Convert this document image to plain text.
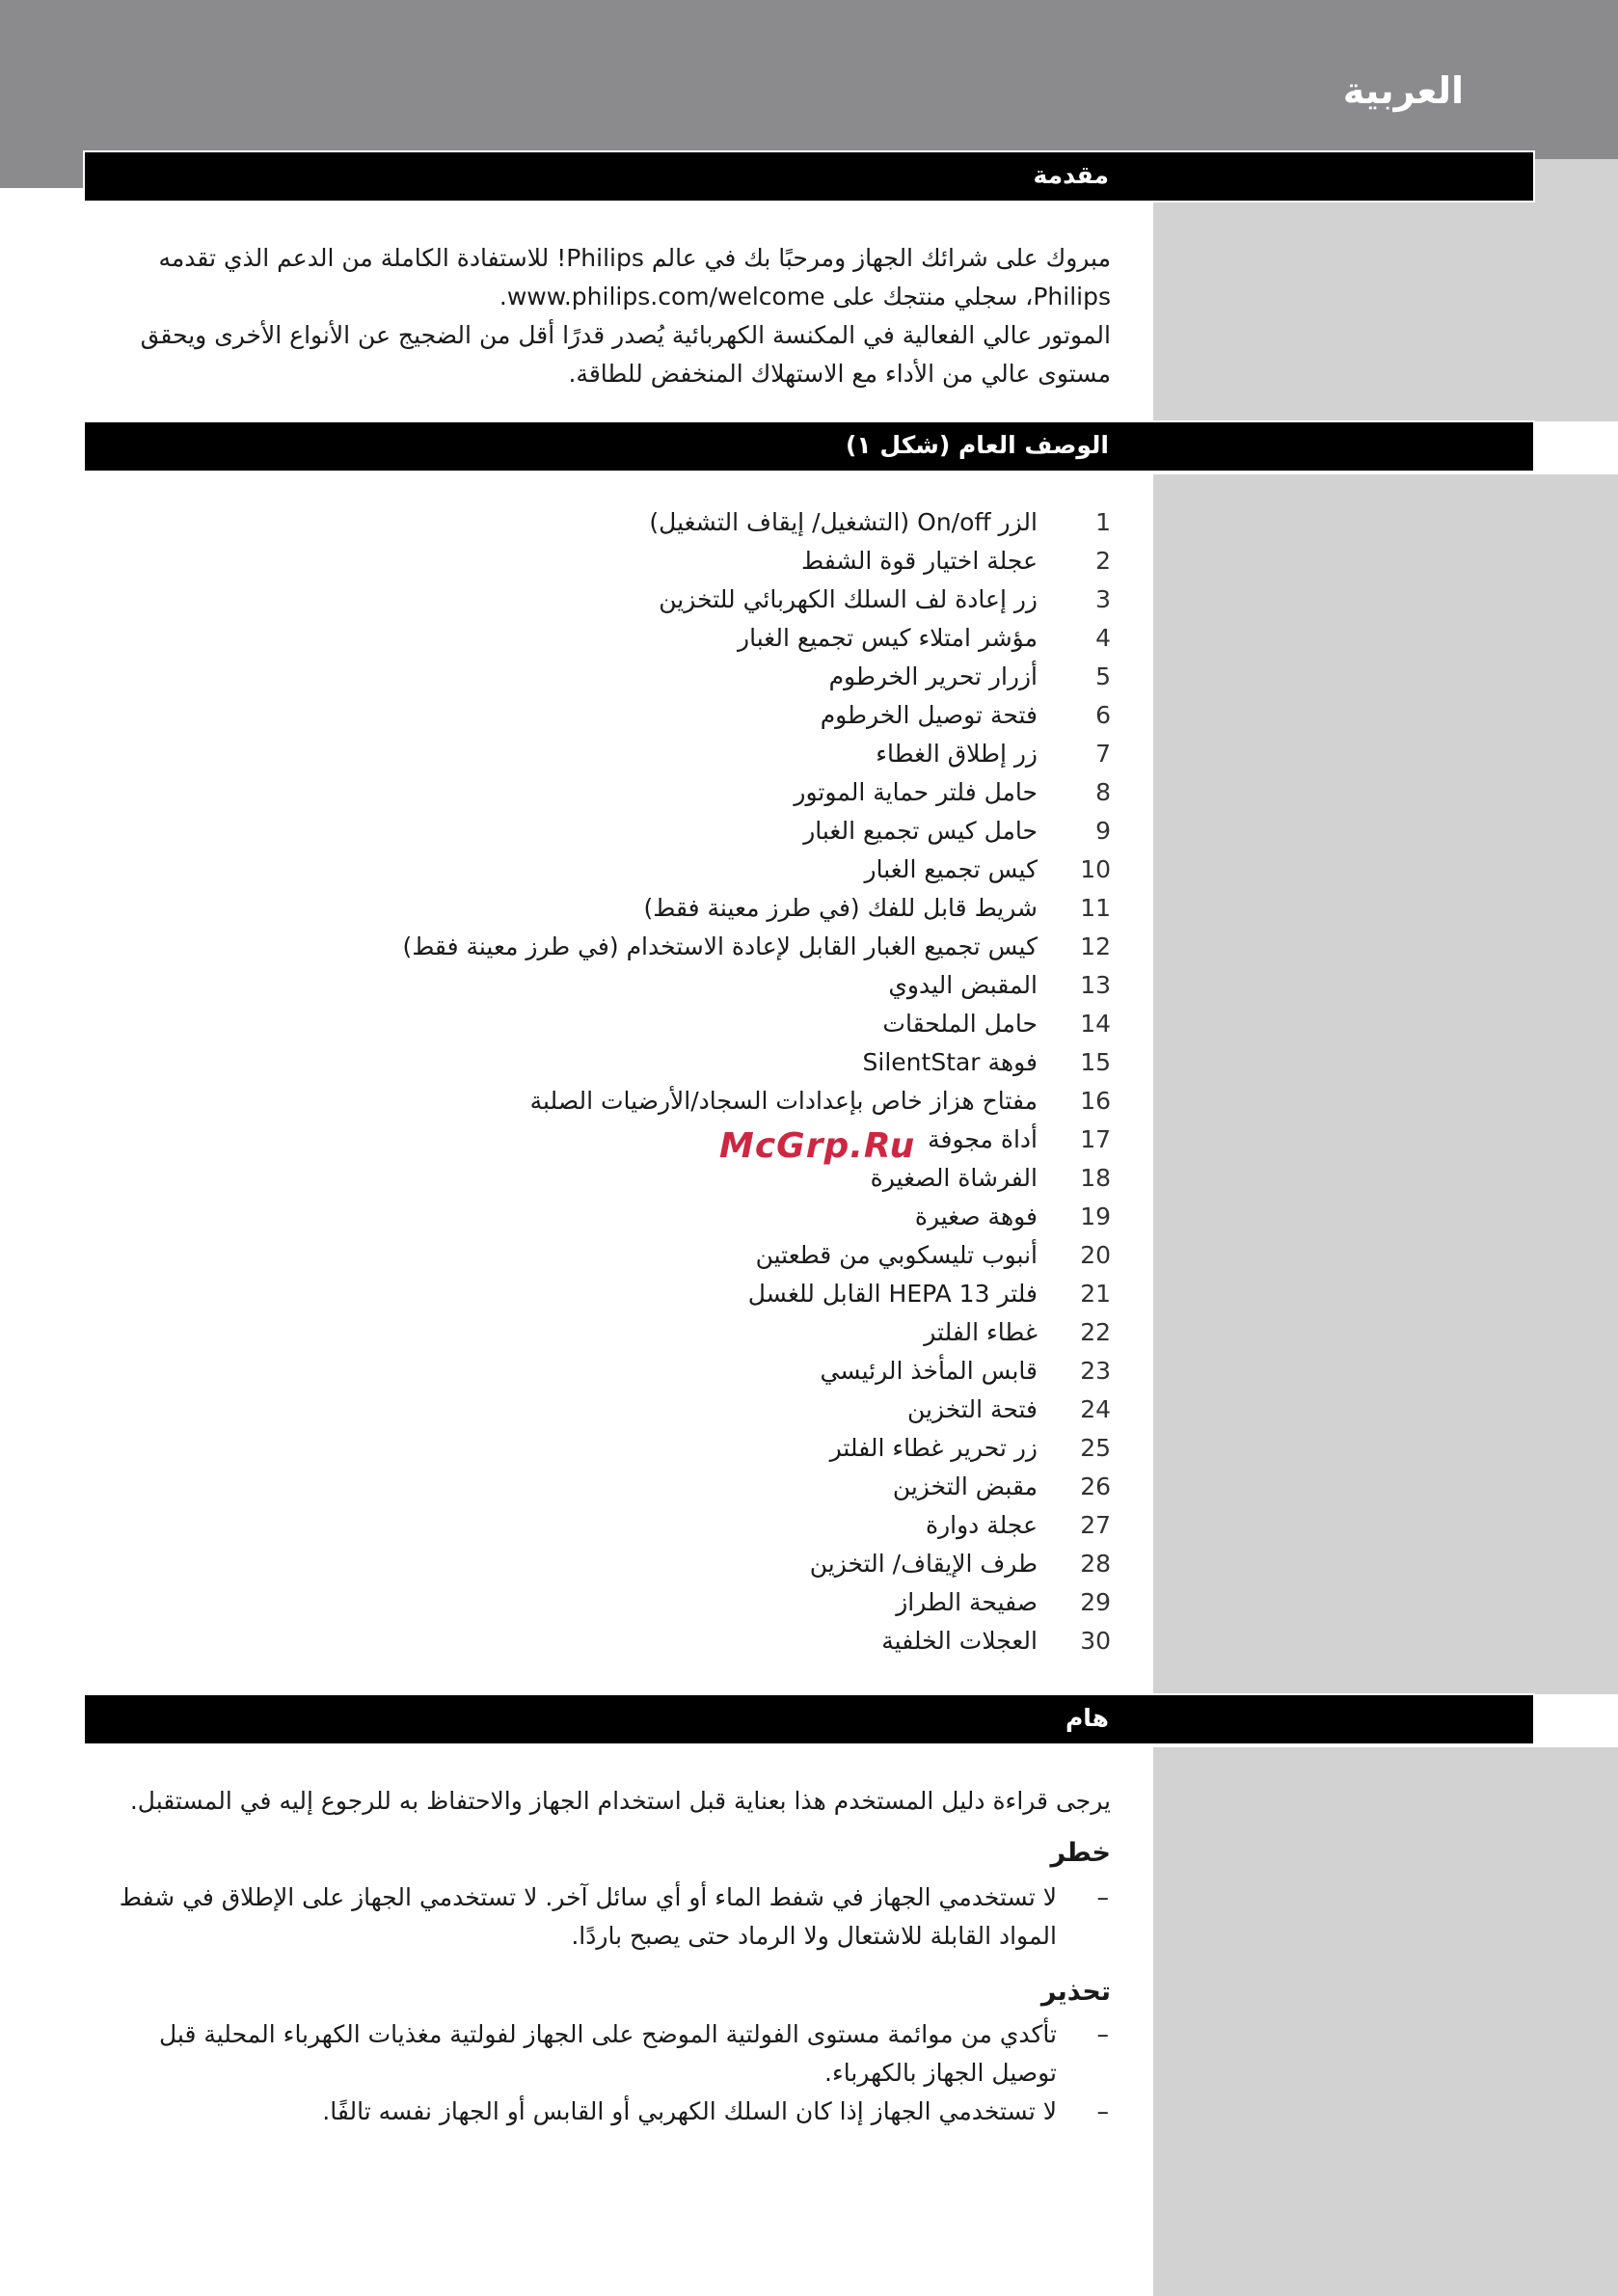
العربية
مقدمة

مبروك على شرائك الجهاز ومرحبًا بك في عالم Philips! للاستفادة الكاملة من الدعم الذي تقدمه Philips، سجلي منتجك على www.philips.com/welcome.

الموتور عالي الفعالية في المكنسة الكهربائية يُصدر قدرًا أقل من الضجيج عن الأنواع الأخرى ويحقق مستوى عالي من الأداء مع الاستهلاك المنخفض للطاقة.

الوصف العام (شكل ١)
1الزر On/off (التشغيل/ إيقاف التشغيل)
2عجلة اختيار قوة الشفط
3زر إعادة لف السلك الكهربائي للتخزين
4مؤشر امتلاء كيس تجميع الغبار
5أزرار تحرير الخرطوم
6فتحة توصيل الخرطوم
7زر إطلاق الغطاء
8حامل فلتر حماية الموتور
9حامل كيس تجميع الغبار
10كيس تجميع الغبار
11شريط قابل للفك (في طرز معينة فقط)
12كيس تجميع الغبار القابل لإعادة الاستخدام (في طرز معينة فقط)
13المقبض اليدوي
14حامل الملحقات
15فوهة SilentStar
16مفتاح هزاز خاص بإعدادات السجاد/الأرضيات الصلبة
17أداة مجوفة
18الفرشاة الصغيرة
19فوهة صغيرة
20أنبوب تليسكوبي من قطعتين
21فلتر HEPA 13 القابل للغسل
22غطاء الفلتر
23قابس المأخذ الرئيسي
24فتحة التخزين
25زر تحرير غطاء الفلتر
26مقبض التخزين
27عجلة دوارة
28طرف الإيقاف/ التخزين
29صفيحة الطراز
30العجلات الخلفية
McGrp.Ru
هام

يرجى قراءة دليل المستخدم هذا بعناية قبل استخدام الجهاز والاحتفاظ به للرجوع إليه في المستقبل.

خطر
–
لا تستخدمي الجهاز في شفط الماء أو أي سائل آخر. لا تستخدمي الجهاز على الإطلاق في شفط المواد القابلة للاشتعال ولا الرماد حتى يصبح باردًا.
تحذير
–
تأكدي من موائمة مستوى الفولتية الموضح على الجهاز لفولتية مغذيات الكهرباء المحلية قبل توصيل الجهاز بالكهرباء.
–
لا تستخدمي الجهاز إذا كان السلك الكهربي أو القابس أو الجهاز نفسه تالفًا.
